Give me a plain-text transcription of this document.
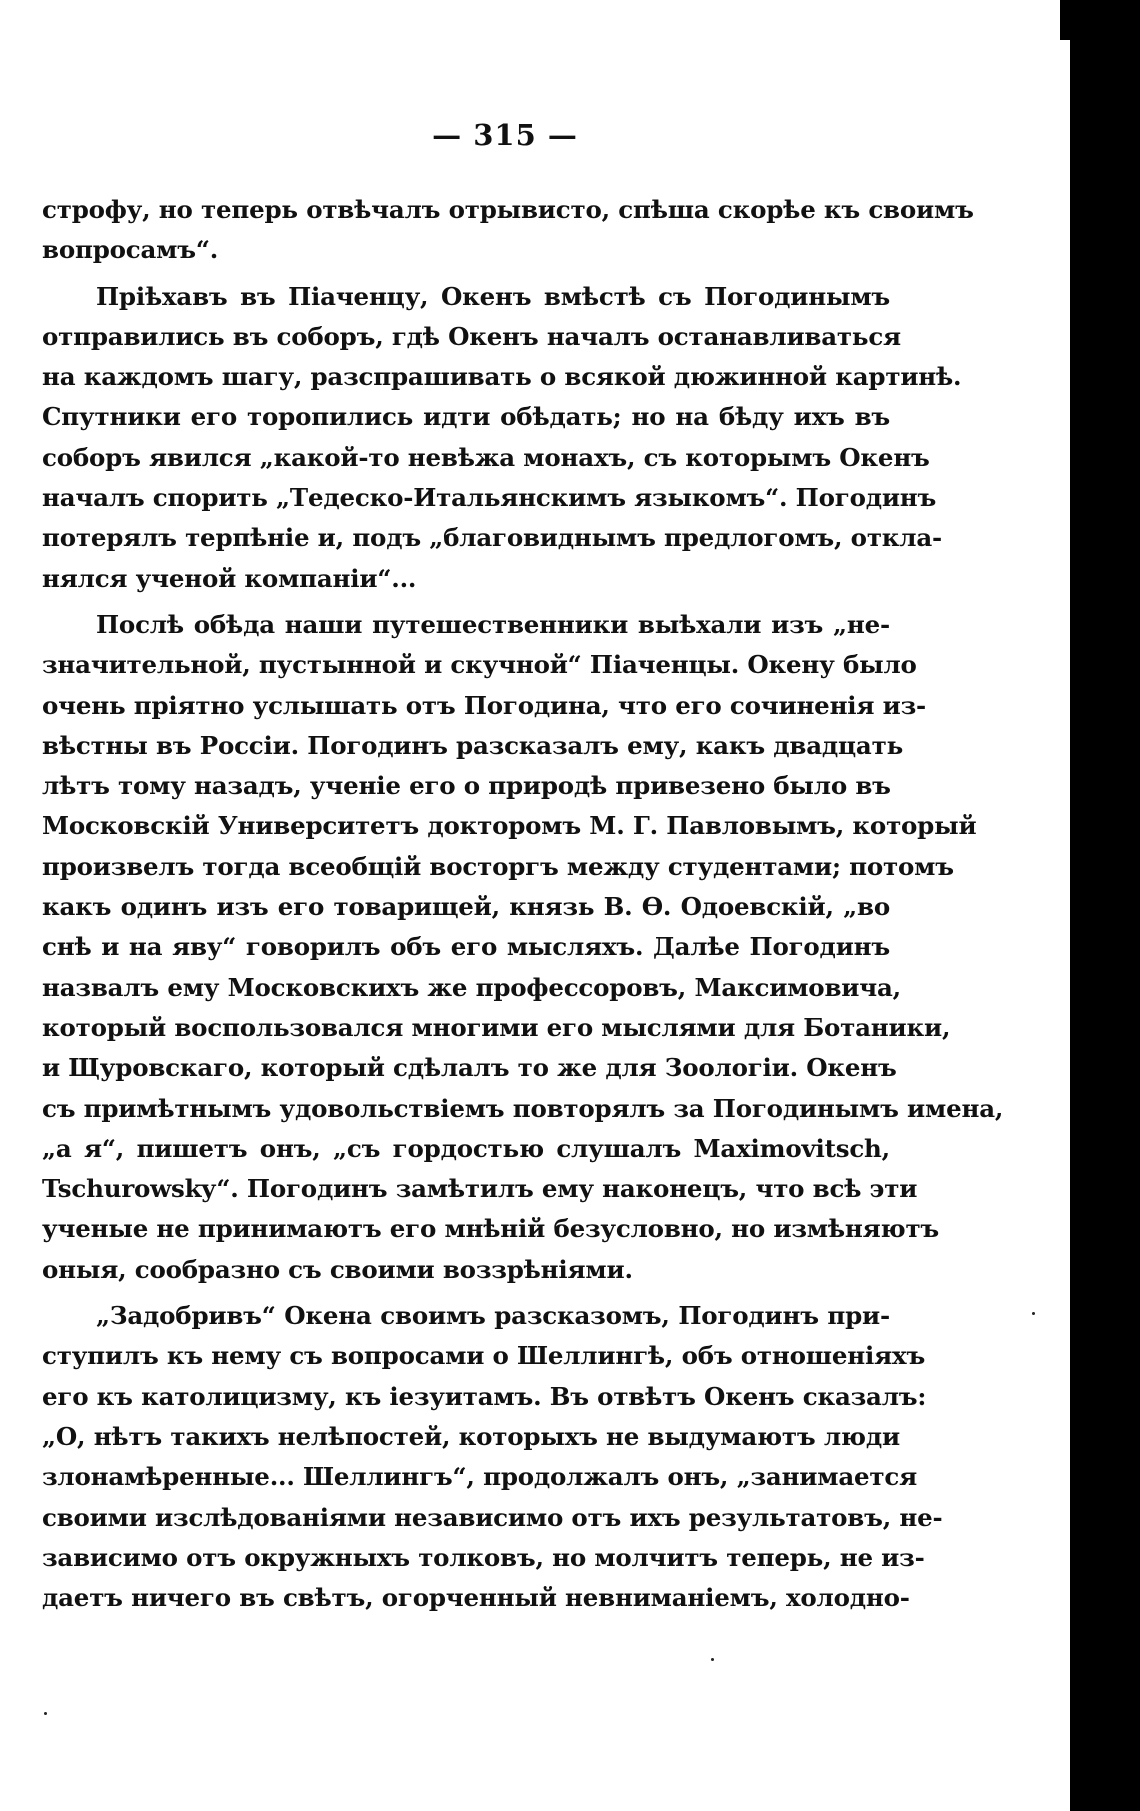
— 315 —
строфу, но теперь отвѣчалъ отрывисто, спѣша скорѣе къ своимъ
вопросамъ“.
Пріѣхавъ въ Піаченцу, Окенъ вмѣстѣ съ Погодинымъ
отправились въ соборъ, гдѣ Окенъ началъ останавливаться
на каждомъ шагу, разспрашивать о всякой дюжинной картинѣ.
Спутники его торопились идти обѣдать; но на бѣду ихъ въ
соборъ явился „какой-то невѣжа монахъ, съ которымъ Окенъ
началъ спорить „Тедеско-Итальянскимъ языкомъ“. Погодинъ
потерялъ терпѣніе и, подъ „благовиднымъ предлогомъ, откла-
нялся ученой компаніи“...
Послѣ обѣда наши путешественники выѣхали изъ „не-
значительной, пустынной и скучной“ Піаченцы. Окену было
очень пріятно услышать отъ Погодина, что его сочиненія из-
вѣстны въ Россіи. Погодинъ разсказалъ ему, какъ двадцать
лѣтъ тому назадъ, ученіе его о природѣ привезено было въ
Московскій Университетъ докторомъ М. Г. Павловымъ, который
произвелъ тогда всеобщій восторгъ между студентами; потомъ
какъ одинъ изъ его товарищей, князь В. Ѳ. Одоевскій, „во
снѣ и на яву“ говорилъ объ его мысляхъ. Далѣе Погодинъ
назвалъ ему Московскихъ же профессоровъ, Максимовича,
который воспользовался многими его мыслями для Ботаники,
и Щуровскаго, который сдѣлалъ то же для Зоологіи. Окенъ
съ примѣтнымъ удовольствіемъ повторялъ за Погодинымъ имена,
„а я“, пишетъ онъ, „съ гордостью слушалъ Maximovitsch,
Tschurowsky“. Погодинъ замѣтилъ ему наконецъ, что всѣ эти
ученые не принимаютъ его мнѣній безусловно, но измѣняютъ
оныя, сообразно съ своими воззрѣніями.
„Задобривъ“ Окена своимъ разсказомъ, Погодинъ при-
ступилъ къ нему съ вопросами о Шеллингѣ, объ отношеніяхъ
его къ католицизму, къ іезуитамъ. Въ отвѣтъ Окенъ сказалъ:
„О, нѣтъ такихъ нелѣпостей, которыхъ не выдумаютъ люди
злонамѣренные... Шеллингъ“, продолжалъ онъ, „занимается
своими изслѣдованіями независимо отъ ихъ результатовъ, не-
зависимо отъ окружныхъ толковъ, но молчитъ теперь, не из-
даетъ ничего въ свѣтъ, огорченный невниманіемъ, холодно-
